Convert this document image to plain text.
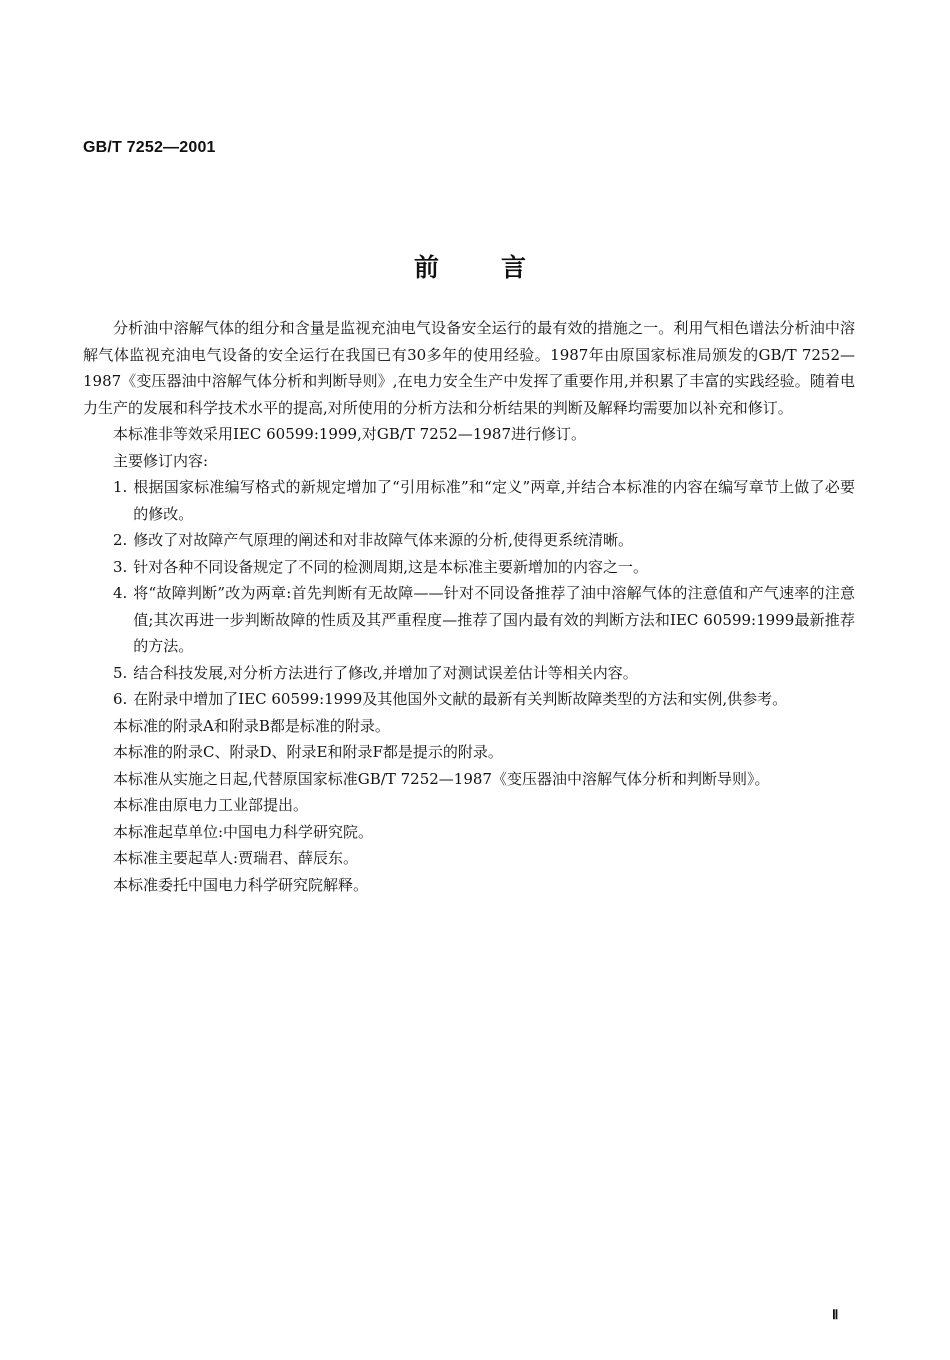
GB/T 7252—2001
前言

分析油中溶解气体的组分和含量是监视充油电气设备安全运行的最有效的措施之一。利用气相色谱法分析油中溶解气体监视充油电气设备的安全运行在我国已有30多年的使用经验。1987年由原国家标准局颁发的GB/T 7252—1987《变压器油中溶解气体分析和判断导则》,在电力安全生产中发挥了重要作用,并积累了丰富的实践经验。随着电力生产的发展和科学技术水平的提高,对所使用的分析方法和分析结果的判断及解释均需要加以补充和修订。

本标准非等效采用IEC 60599:1999,对GB/T 7252—1987进行修订。

主要修订内容:

1. 根据国家标准编写格式的新规定增加了“引用标准”和“定义”两章,并结合本标准的内容在编写章节上做了必要的修改。
2. 修改了对故障产气原理的阐述和对非故障气体来源的分析,使得更系统清晰。
3. 针对各种不同设备规定了不同的检测周期,这是本标准主要新增加的内容之一。
4. 将“故障判断”改为两章:首先判断有无故障——针对不同设备推荐了油中溶解气体的注意值和产气速率的注意值;其次再进一步判断故障的性质及其严重程度—推荐了国内最有效的判断方法和IEC 60599:1999最新推荐的方法。
5. 结合科技发展,对分析方法进行了修改,并增加了对测试误差估计等相关内容。
6. 在附录中增加了IEC 60599:1999及其他国外文献的最新有关判断故障类型的方法和实例,供参考。

本标准的附录A和附录B都是标准的附录。

本标准的附录C、附录D、附录E和附录F都是提示的附录。

本标准从实施之日起,代替原国家标准GB/T 7252—1987《变压器油中溶解气体分析和判断导则》。

本标准由原电力工业部提出。

本标准起草单位:中国电力科学研究院。

本标准主要起草人:贾瑞君、薛辰东。

本标准委托中国电力科学研究院解释。

Ⅱ
